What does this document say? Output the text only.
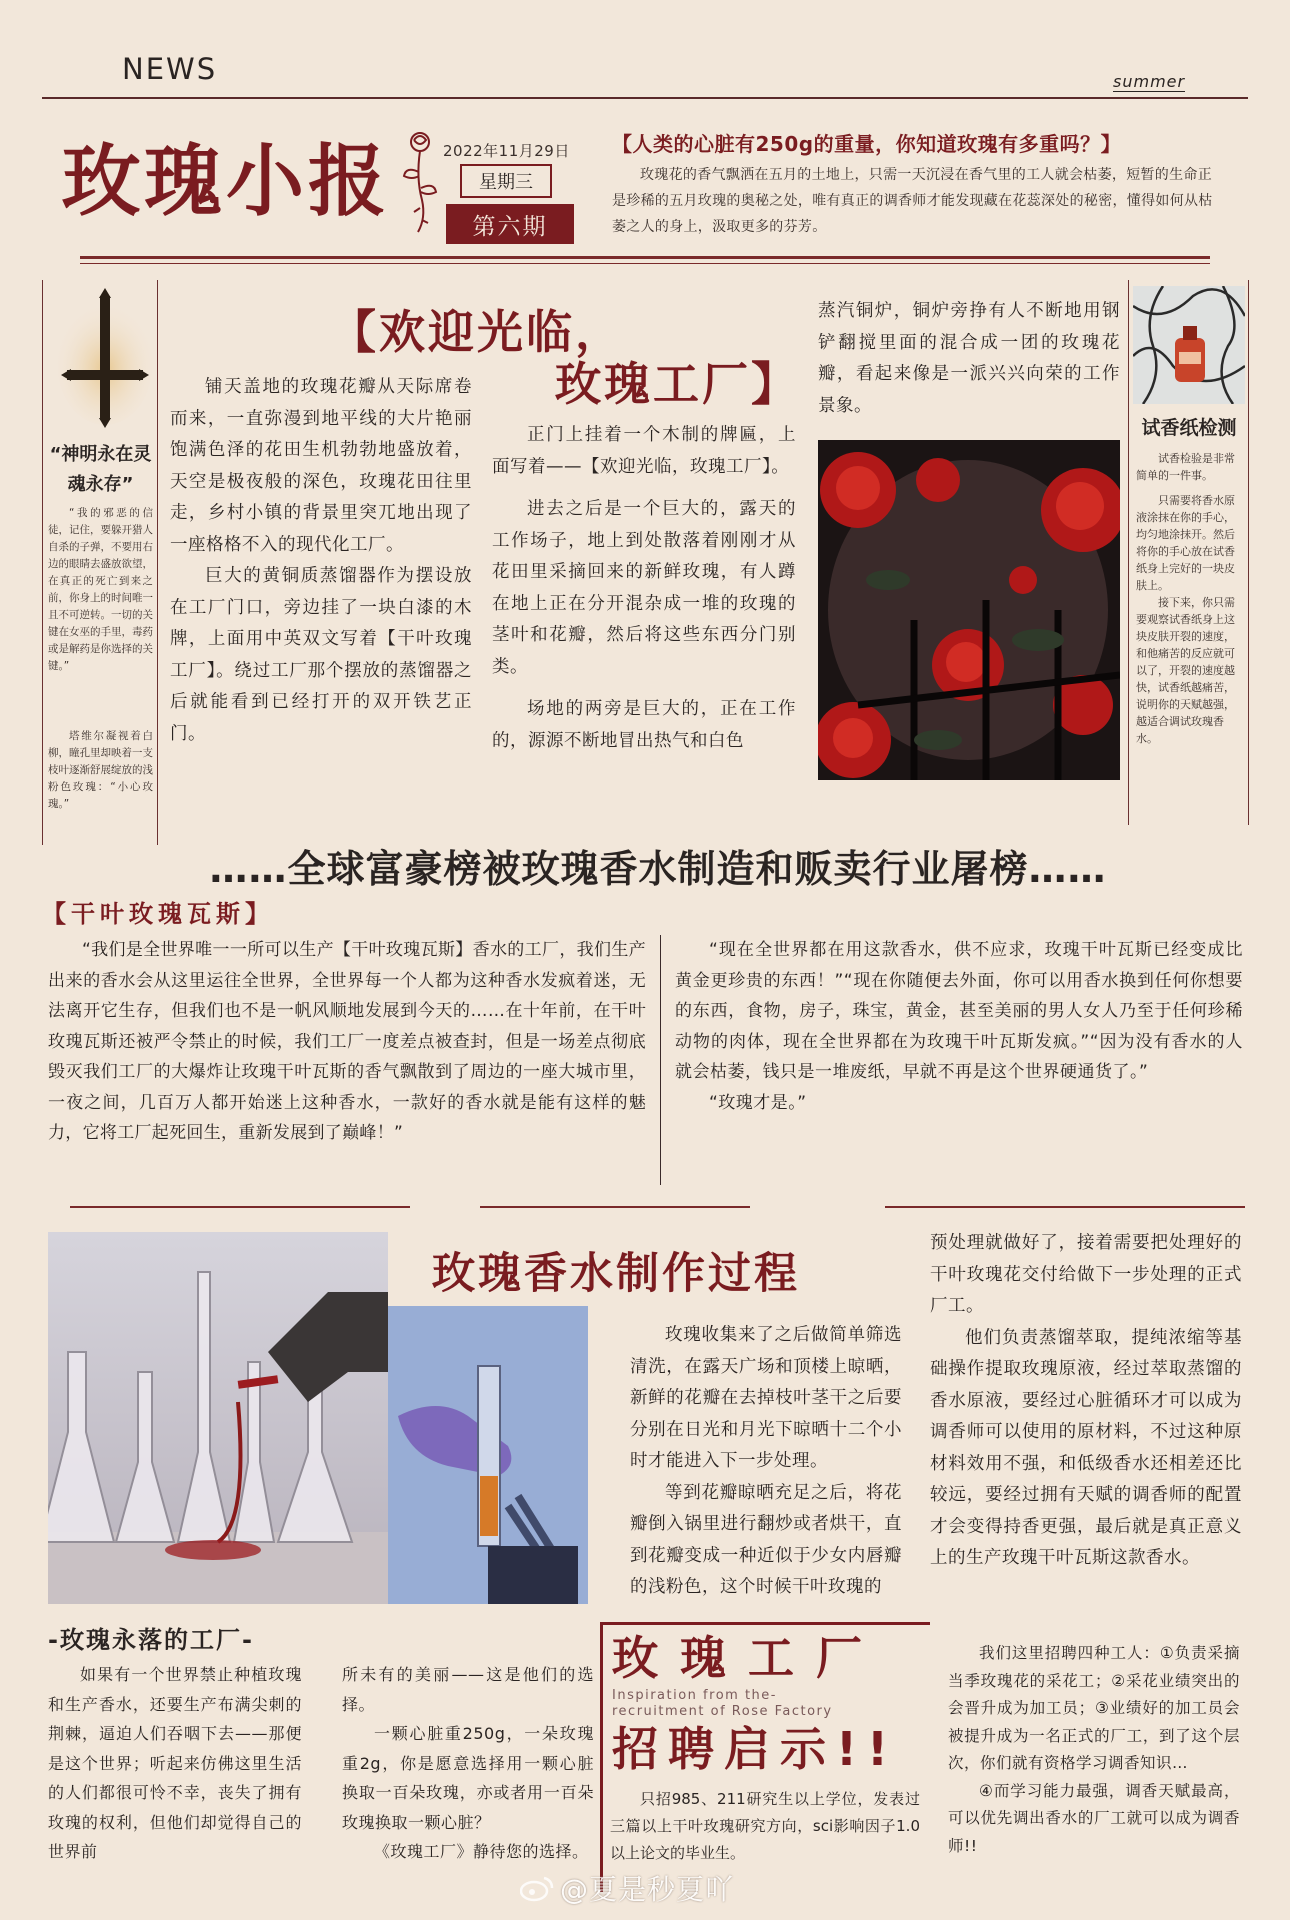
NEWS	summer
玫瑰小报	2022年11月29日
星期三
第六期
【人类的心脏有250g的重量，你知道玫瑰有多重吗？】
玫瑰花的香气飘洒在五月的土地上，只需一天沉浸在香气里的工人就会枯萎，短暂的生命正是珍稀的五月玫瑰的奥秘之处，唯有真正的调香师才能发现藏在花蕊深处的秘密，懂得如何从枯萎之人的身上，汲取更多的芬芳。
“神明永在灵魂永存”
“我的邪恶的信徒，记住，要躲开猎人自杀的子弹，不要用右边的眼睛去盛放欲望，在真正的死亡到来之前，你身上的时间唯一且不可逆转。一切的关键在女巫的手里，毒药或是解药是你选择的关键。”
塔维尔凝视着白柳，瞳孔里却映着一支枝叶逐渐舒展绽放的浅粉色玫瑰：“小心玫瑰。”
【欢迎光临，
玫瑰工厂】

铺天盖地的玫瑰花瓣从天际席卷而来，一直弥漫到地平线的大片艳丽饱满色泽的花田生机勃勃地盛放着，天空是极夜般的深色，玫瑰花田往里走，乡村小镇的背景里突兀地出现了一座格格不入的现代化工厂。

巨大的黄铜质蒸馏器作为摆设放在工厂门口，旁边挂了一块白漆的木牌，上面用中英双文写着【干叶玫瑰工厂】。绕过工厂那个摆放的蒸馏器之后就能看到已经打开的双开铁艺正门。

正门上挂着一个木制的牌匾，上面写着——【欢迎光临，玫瑰工厂】。

进去之后是一个巨大的，露天的工作场子，地上到处散落着刚刚才从花田里采摘回来的新鲜玫瑰，有人蹲在地上正在分开混杂成一堆的玫瑰的茎叶和花瓣，然后将这些东西分门别类。

场地的两旁是巨大的，正在工作的，源源不断地冒出热气和白色

蒸汽铜炉，铜炉旁挣有人不断地用钢铲翻搅里面的混合成一团的玫瑰花瓣，看起来像是一派兴兴向荣的工作景象。

试香纸检测

试香检验是非常简单的一件事。

只需要将香水原液涂抹在你的手心，均匀地涂抹开。然后将你的手心放在试香纸身上完好的一块皮肤上。

接下来，你只需要观察试香纸身上这块皮肤开裂的速度，和他痛苦的反应就可以了，开裂的速度越快，试香纸越痛苦，说明你的天赋越强，越适合调试玫瑰香水。

……全球富豪榜被玫瑰香水制造和贩卖行业屠榜……
【干叶玫瑰瓦斯】
“我们是全世界唯一一所可以生产【干叶玫瑰瓦斯】香水的工厂，我们生产出来的香水会从这里运往全世界，全世界每一个人都为这种香水发疯着迷，无法离开它生存，但我们也不是一帆风顺地发展到今天的……在十年前，在干叶玫瑰瓦斯还被严令禁止的时候，我们工厂一度差点被查封，但是一场差点彻底毁灭我们工厂的大爆炸让玫瑰干叶瓦斯的香气飘散到了周边的一座大城市里，一夜之间，几百万人都开始迷上这种香水，一款好的香水就是能有这样的魅力，它将工厂起死回生，重新发展到了巅峰！”

“现在全世界都在用这款香水，供不应求，玫瑰干叶瓦斯已经变成比黄金更珍贵的东西！”“现在你随便去外面，你可以用香水换到任何你想要的东西，食物，房子，珠宝，黄金，甚至美丽的男人女人乃至于任何珍稀动物的肉体，现在全世界都在为玫瑰干叶瓦斯发疯。”“因为没有香水的人就会枯萎，钱只是一堆废纸，早就不再是这个世界硬通货了。”

“玫瑰才是。”

玫瑰香水制作过程

玫瑰收集来了之后做简单筛选清洗，在露天广场和顶楼上晾晒，新鲜的花瓣在去掉枝叶茎干之后要分别在日光和月光下晾晒十二个小时才能进入下一步处理。

等到花瓣晾晒充足之后，将花瓣倒入锅里进行翻炒或者烘干，直到花瓣变成一种近似于少女内唇瓣的浅粉色，这个时候干叶玫瑰的

预处理就做好了，接着需要把处理好的干叶玫瑰花交付给做下一步处理的正式厂工。

他们负责蒸馏萃取，提纯浓缩等基础操作提取玫瑰原液，经过萃取蒸馏的香水原液，要经过心脏循环才可以成为调香师可以使用的原材料，不过这种原材料效用不强，和低级香水还相差还比较远，要经过拥有天赋的调香师的配置才会变得持香更强，最后就是真正意义上的生产玫瑰干叶瓦斯这款香水。

-玫瑰永落的工厂-

如果有一个世界禁止种植玫瑰和生产香水，还要生产布满尖刺的荆棘，逼迫人们吞咽下去——那便是这个世界；听起来仿佛这里生活的人们都很可怜不幸，丧失了拥有玫瑰的权利，但他们却觉得自己的世界前

所未有的美丽——这是他们的选择。

一颗心脏重250g，一朵玫瑰重2g，你是愿意选择用一颗心脏换取一百朵玫瑰，亦或者用一百朵玫瑰换取一颗心脏？

《玫瑰工厂》静待您的选择。

玫瑰工厂
Inspiration from the-
recruitment of Rose Factory
招聘启示!!
只招985、211研究生以上学位，发表过三篇以上干叶玫瑰研究方向，sci影响因子1.0以上论文的毕业生。

我们这里招聘四种工人：①负责采摘当季玫瑰花的采花工；②采花业绩突出的会晋升成为加工员；③业绩好的加工员会被提升成为一名正式的厂工，到了这个层次，你们就有资格学习调香知识…

④而学习能力最强，调香天赋最高，可以优先调出香水的厂工就可以成为调香师!!

@夏是秒夏吖
